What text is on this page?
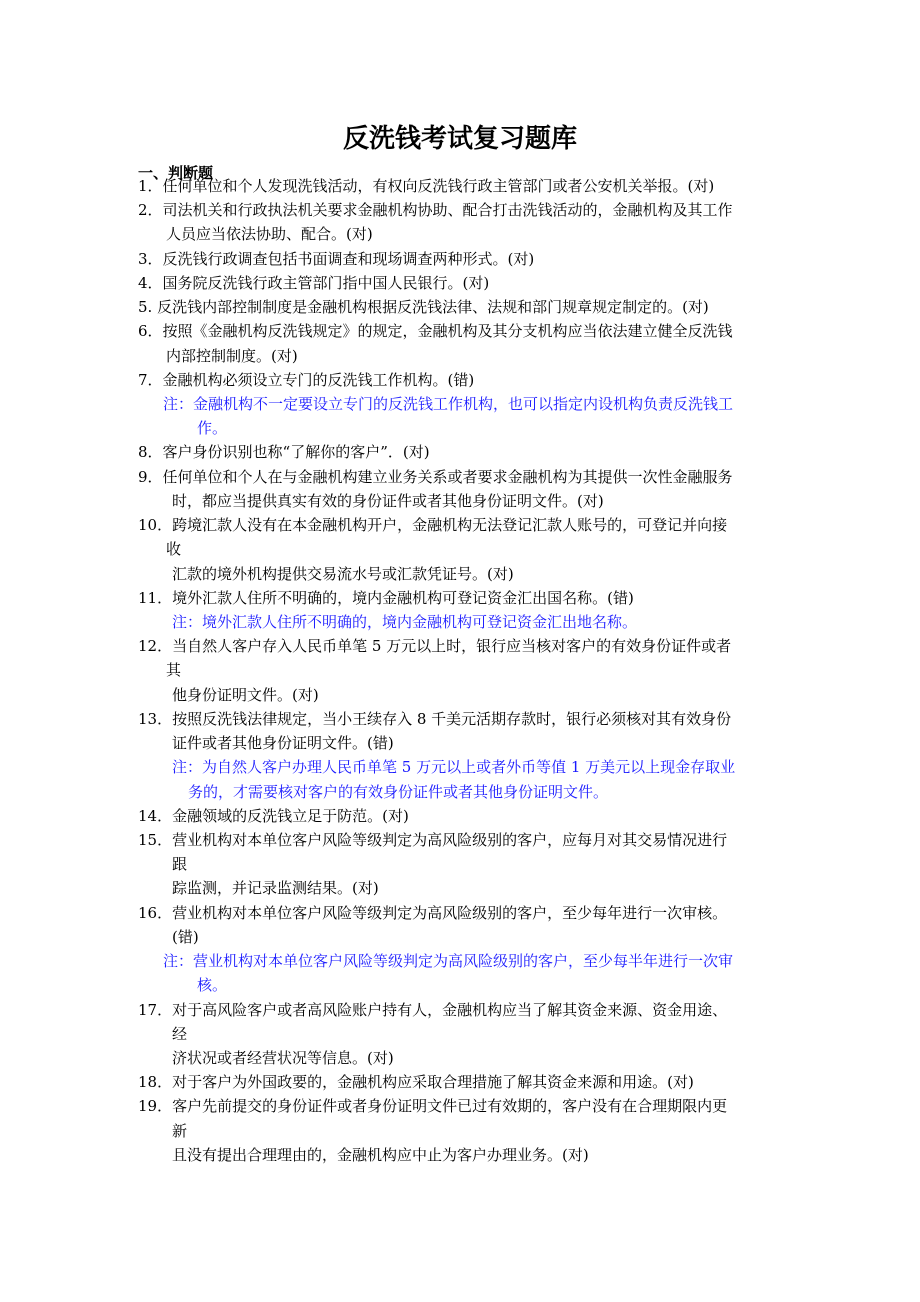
反洗钱考试复习题库
一、判断题
1．任何单位和个人发现洗钱活动，有权向反洗钱行政主管部门或者公安机关举报。(对)
2．司法机关和行政执法机关要求金融机构协助、配合打击洗钱活动的，金融机构及其工作
人员应当依法协助、配合。(对)
3．反洗钱行政调查包括书面调查和现场调查两种形式。(对)
4．国务院反洗钱行政主管部门指中国人民银行。(对)
5. 反洗钱内部控制制度是金融机构根据反洗钱法律、法规和部门规章规定制定的。(对)
6．按照《金融机构反洗钱规定》的规定，金融机构及其分支机构应当依法建立健全反洗钱
内部控制制度。(对)
7．金融机构必须设立专门的反洗钱工作机构。(错)
注：金融机构不一定要设立专门的反洗钱工作机构，也可以指定内设机构负责反洗钱工
作。
8．客户身份识别也称“了解你的客户”．(对)
9．任何单位和个人在与金融机构建立业务关系或者要求金融机构为其提供一次性金融服务
时，都应当提供真实有效的身份证件或者其他身份证明文件。(对)
10．跨境汇款人没有在本金融机构开户，金融机构无法登记汇款人账号的，可登记并向接
收
汇款的境外机构提供交易流水号或汇款凭证号。(对)
11．境外汇款人住所不明确的，境内金融机构可登记资金汇出国名称。(错)
注：境外汇款人住所不明确的，境内金融机构可登记资金汇出地名称。
12．当自然人客户存入人民币单笔 5 万元以上时，银行应当核对客户的有效身份证件或者
其
他身份证明文件。(对)
13．按照反洗钱法律规定，当小王续存入 8 千美元活期存款时，银行必须核对其有效身份
证件或者其他身份证明文件。(错)
注：为自然人客户办理人民币单笔 5 万元以上或者外币等值 1 万美元以上现金存取业
务的，才需要核对客户的有效身份证件或者其他身份证明文件。
14．金融领域的反洗钱立足于防范。(对)
15．营业机构对本单位客户风险等级判定为高风险级别的客户，应每月对其交易情况进行
跟
踪监测，并记录监测结果。(对)
16．营业机构对本单位客户风险等级判定为高风险级别的客户，至少每年进行一次审核。
(错)
注：营业机构对本单位客户风险等级判定为高风险级别的客户，至少每半年进行一次审
核。
17．对于高风险客户或者高风险账户持有人，金融机构应当了解其资金来源、资金用途、
经
济状况或者经营状况等信息。(对)
18．对于客户为外国政要的，金融机构应采取合理措施了解其资金来源和用途。(对)
19．客户先前提交的身份证件或者身份证明文件已过有效期的，客户没有在合理期限内更
新
且没有提出合理理由的，金融机构应中止为客户办理业务。(对)
